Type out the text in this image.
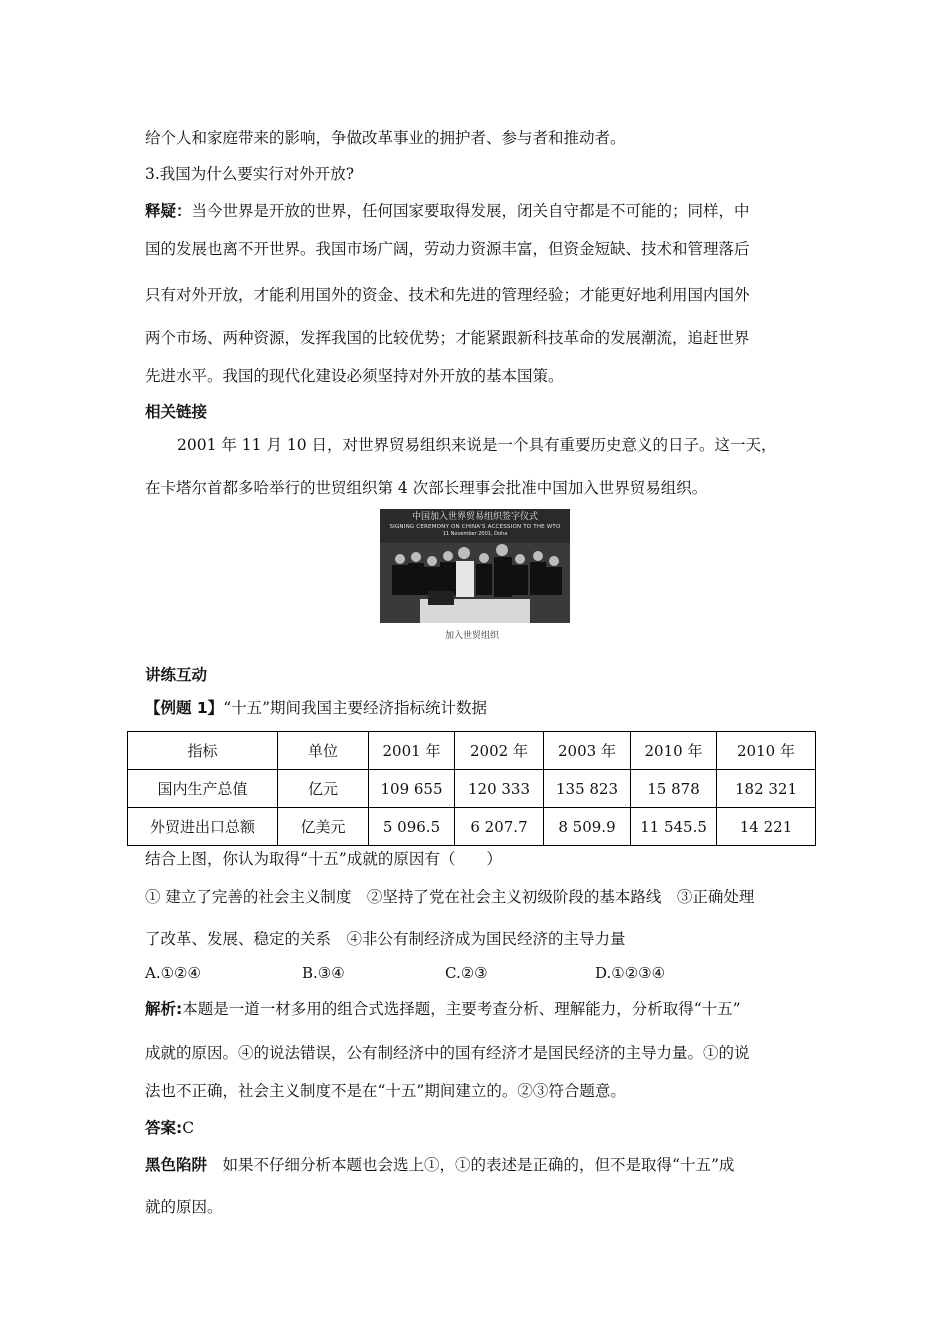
给个人和家庭带来的影响，争做改革事业的拥护者、参与者和推动者。
3.我国为什么要实行对外开放?
释疑：当今世界是开放的世界，任何国家要取得发展，闭关自守都是不可能的；同样，中
国的发展也离不开世界。我国市场广阔，劳动力资源丰富，但资金短缺、技术和管理落后
只有对外开放，才能利用国外的资金、技术和先进的管理经验；才能更好地利用国内国外
两个市场、两种资源，发挥我国的比较优势；才能紧跟新科技革命的发展潮流，追赶世界
先进水平。我国的现代化建设必须坚持对外开放的基本国策。
相关链接
2001 年 11 月 10 日，对世界贸易组织来说是一个具有重要历史意义的日子。这一天，
在卡塔尔首都多哈举行的世贸组织第 4 次部长理事会批准中国加入世界贸易组织。
中国加入世界贸易组织签字仪式
SIGNING CEREMONY ON CHINA'S ACCESSION TO THE WTO
11 November 2001, Doha
加入世贸组织
讲练互动
【例题 1】“十五”期间我国主要经济指标统计数据
指标	单位	2001 年	2002 年	2003 年	2010 年	2010 年
国内生产总值	亿元	109 655	120 333	135 823	15 878	182 321
外贸进出口总额	亿美元	5 096.5	6 207.7	8 509.9	11 545.5	14 221
结合上图，你认为取得“十五”成就的原因有（　　）
① 建立了完善的社会主义制度　②坚持了党在社会主义初级阶段的基本路线　③正确处理
了改革、发展、稳定的关系　④非公有制经济成为国民经济的主导力量
A.①②④	B.③④	C.②③	D.①②③④
解析:本题是一道一材多用的组合式选择题，主要考查分析、理解能力，分析取得“十五”
成就的原因。④的说法错误，公有制经济中的国有经济才是国民经济的主导力量。①的说
法也不正确，社会主义制度不是在“十五”期间建立的。②③符合题意。
答案:C
黑色陷阱　如果不仔细分析本题也会选上①，①的表述是正确的，但不是取得“十五”成
就的原因。
